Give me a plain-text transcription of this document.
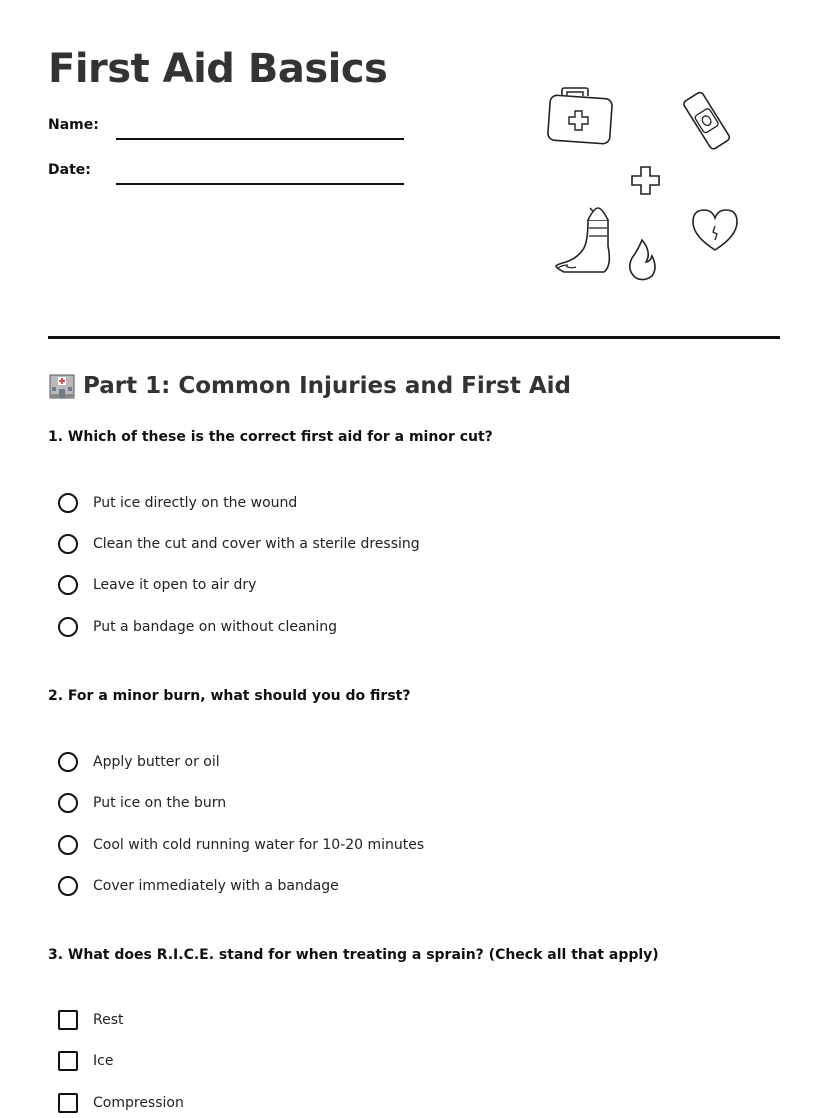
First Aid Basics
Name:
Date:
Part 1: Common Injuries and First Aid

1. Which of these is the correct first aid for a minor cut?

Put ice directly on the wound
Clean the cut and cover with a sterile dressing
Leave it open to air dry
Put a bandage on without cleaning

2. For a minor burn, what should you do first?

Apply butter or oil
Put ice on the burn
Cool with cold running water for 10-20 minutes
Cover immediately with a bandage

3. What does R.I.C.E. stand for when treating a sprain? (Check all that apply)

Rest
Ice
Compression
